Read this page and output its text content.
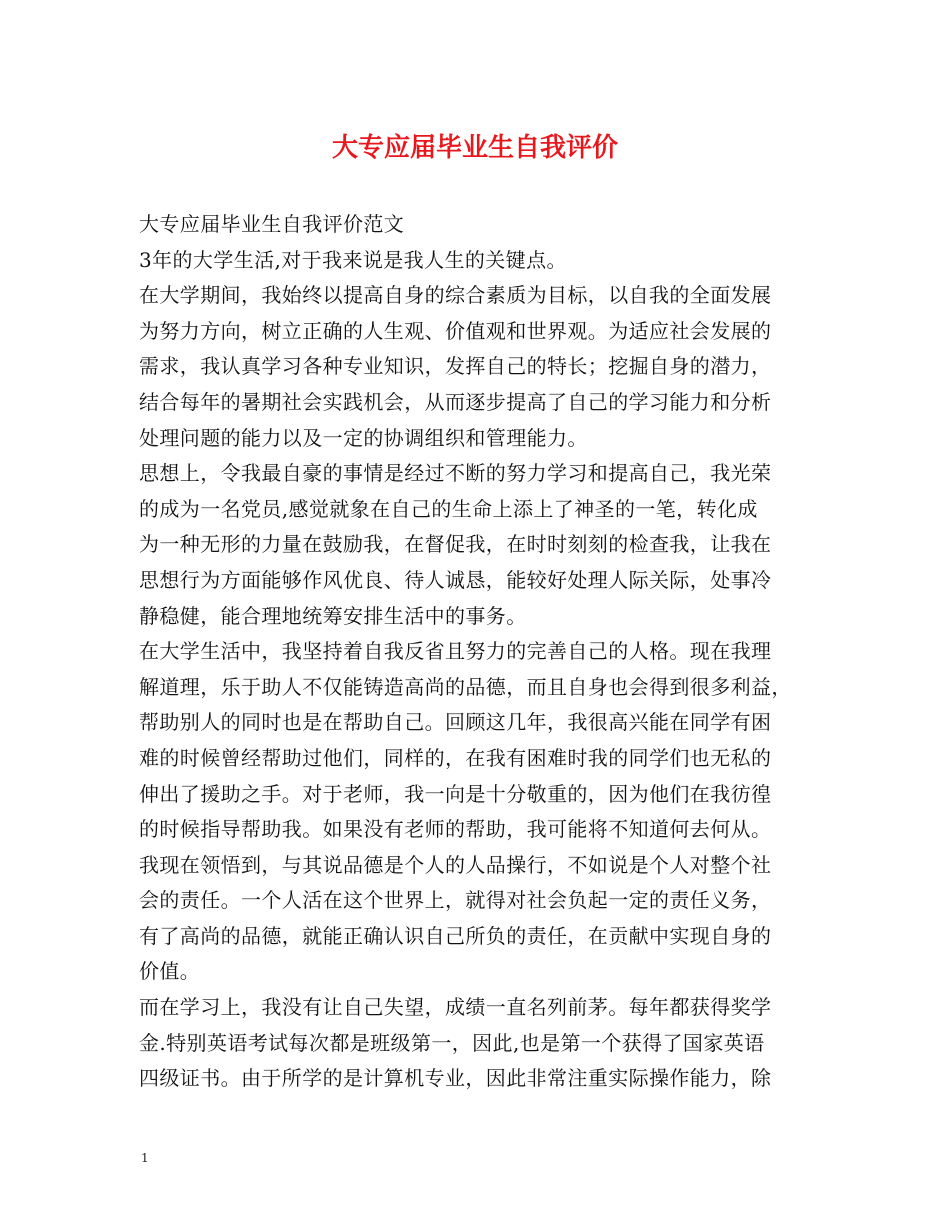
大专应届毕业生自我评价
大专应届毕业生自我评价范文
3年的大学生活,对于我来说是我人生的关键点。
在大学期间，我始终以提高自身的综合素质为目标，以自我的全面发展
为努力方向，树立正确的人生观、价值观和世界观。为适应社会发展的
需求，我认真学习各种专业知识，发挥自己的特长；挖掘自身的潜力，
结合每年的暑期社会实践机会，从而逐步提高了自己的学习能力和分析
处理问题的能力以及一定的协调组织和管理能力。
思想上，令我最自豪的事情是经过不断的努力学习和提高自己，我光荣
的成为一名党员,感觉就象在自己的生命上添上了神圣的一笔，转化成
为一种无形的力量在鼓励我，在督促我，在时时刻刻的检查我，让我在
思想行为方面能够作风优良、待人诚恳，能较好处理人际关际，处事冷
静稳健，能合理地统筹安排生活中的事务。
在大学生活中，我坚持着自我反省且努力的完善自己的人格。现在我理
解道理，乐于助人不仅能铸造高尚的品德，而且自身也会得到很多利益，
帮助别人的同时也是在帮助自己。回顾这几年，我很高兴能在同学有困
难的时候曾经帮助过他们，同样的，在我有困难时我的同学们也无私的
伸出了援助之手。对于老师，我一向是十分敬重的，因为他们在我彷徨
的时候指导帮助我。如果没有老师的帮助，我可能将不知道何去何从。
我现在领悟到，与其说品德是个人的人品操行，不如说是个人对整个社
会的责任。一个人活在这个世界上，就得对社会负起一定的责任义务，
有了高尚的品德，就能正确认识自己所负的责任，在贡献中实现自身的
价值。
而在学习上，我没有让自己失望，成绩一直名列前茅。每年都获得奖学
金.特别英语考试每次都是班级第一，因此,也是第一个获得了国家英语
四级证书。由于所学的是计算机专业，因此非常注重实际操作能力，除
1
